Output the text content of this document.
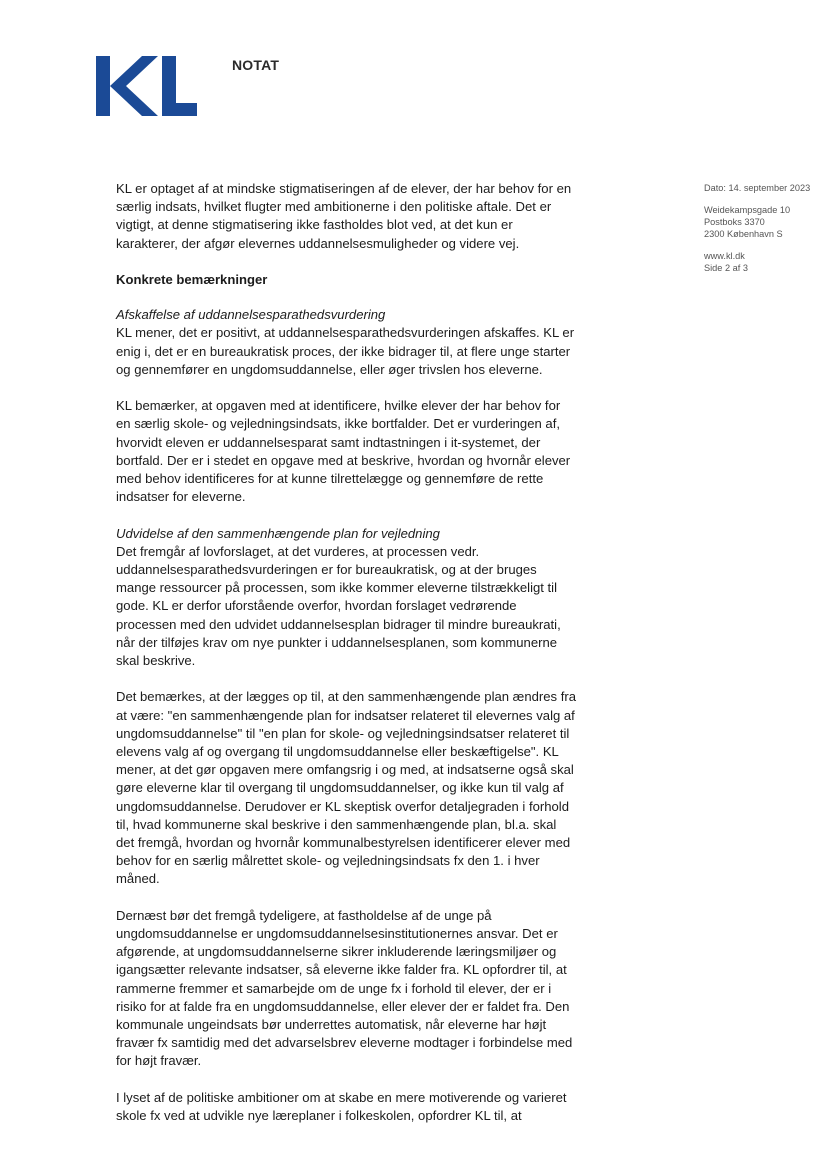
NOTAT
Dato: 14. september 2023
Weidekampsgade 10
Postboks 3370
2300 København S
www.kl.dk
Side 2 af 3

KL er optaget af at mindske stigmatiseringen af de elever, der har behov for en særlig indsats, hvilket flugter med ambitionerne i den politiske aftale. Det er vigtigt, at denne stigmatisering ikke fastholdes blot ved, at det kun er karakterer, der afgør elevernes uddannelsesmuligheder og videre vej.

Konkrete bemærkninger

Afskaffelse af uddannelsesparathedsvurdering
KL mener, det er positivt, at uddannelsesparathedsvurderingen afskaffes. KL er enig i, det er en bureaukratisk proces, der ikke bidrager til, at flere unge starter og gennemfører en ungdomsuddannelse, eller øger trivslen hos eleverne.

KL bemærker, at opgaven med at identificere, hvilke elever der har behov for en særlig skole- og vejledningsindsats, ikke bortfalder. Det er vurderingen af, hvorvidt eleven er uddannelsesparat samt indtastningen i it-systemet, der bortfald. Der er i stedet en opgave med at beskrive, hvordan og hvornår elever med behov identificeres for at kunne tilrettelægge og gennemføre de rette indsatser for eleverne.

Udvidelse af den sammenhængende plan for vejledning
Det fremgår af lovforslaget, at det vurderes, at processen vedr. uddannelsesparathedsvurderingen er for bureaukratisk, og at der bruges mange ressourcer på processen, som ikke kommer eleverne tilstrækkeligt til gode. KL er derfor uforstående overfor, hvordan forslaget vedrørende processen med den udvidet uddannelsesplan bidrager til mindre bureaukrati, når der tilføjes krav om nye punkter i uddannelsesplanen, som kommunerne skal beskrive.

Det bemærkes, at der lægges op til, at den sammenhængende plan ændres fra at være: "en sammenhængende plan for indsatser relateret til elevernes valg af ungdomsuddannelse" til "en plan for skole- og vejledningsindsatser relateret til elevens valg af og overgang til ungdomsuddannelse eller beskæftigelse". KL mener, at det gør opgaven mere omfangsrig i og med, at indsatserne også skal gøre eleverne klar til overgang til ungdomsuddannelser, og ikke kun til valg af ungdomsuddannelse. Derudover er KL skeptisk overfor detaljegraden i forhold til, hvad kommunerne skal beskrive i den sammenhængende plan, bl.a. skal det fremgå, hvordan og hvornår kommunalbestyrelsen identificerer elever med behov for en særlig målrettet skole- og vejledningsindsats fx den 1. i hver måned.

Dernæst bør det fremgå tydeligere, at fastholdelse af de unge på ungdomsuddannelse er ungdomsuddannelsesinstitutionernes ansvar. Det er afgørende, at ungdomsuddannelserne sikrer inkluderende læringsmiljøer og igangsætter relevante indsatser, så eleverne ikke falder fra. KL opfordrer til, at rammerne fremmer et samarbejde om de unge fx i forhold til elever, der er i risiko for at falde fra en ungdomsuddannelse, eller elever der er faldet fra. Den kommunale ungeindsats bør underrettes automatisk, når eleverne har højt fravær fx samtidig med det advarselsbrev eleverne modtager i forbindelse med for højt fravær.

I lyset af de politiske ambitioner om at skabe en mere motiverende og varieret skole fx ved at udvikle nye læreplaner i folkeskolen, opfordrer KL til, at
